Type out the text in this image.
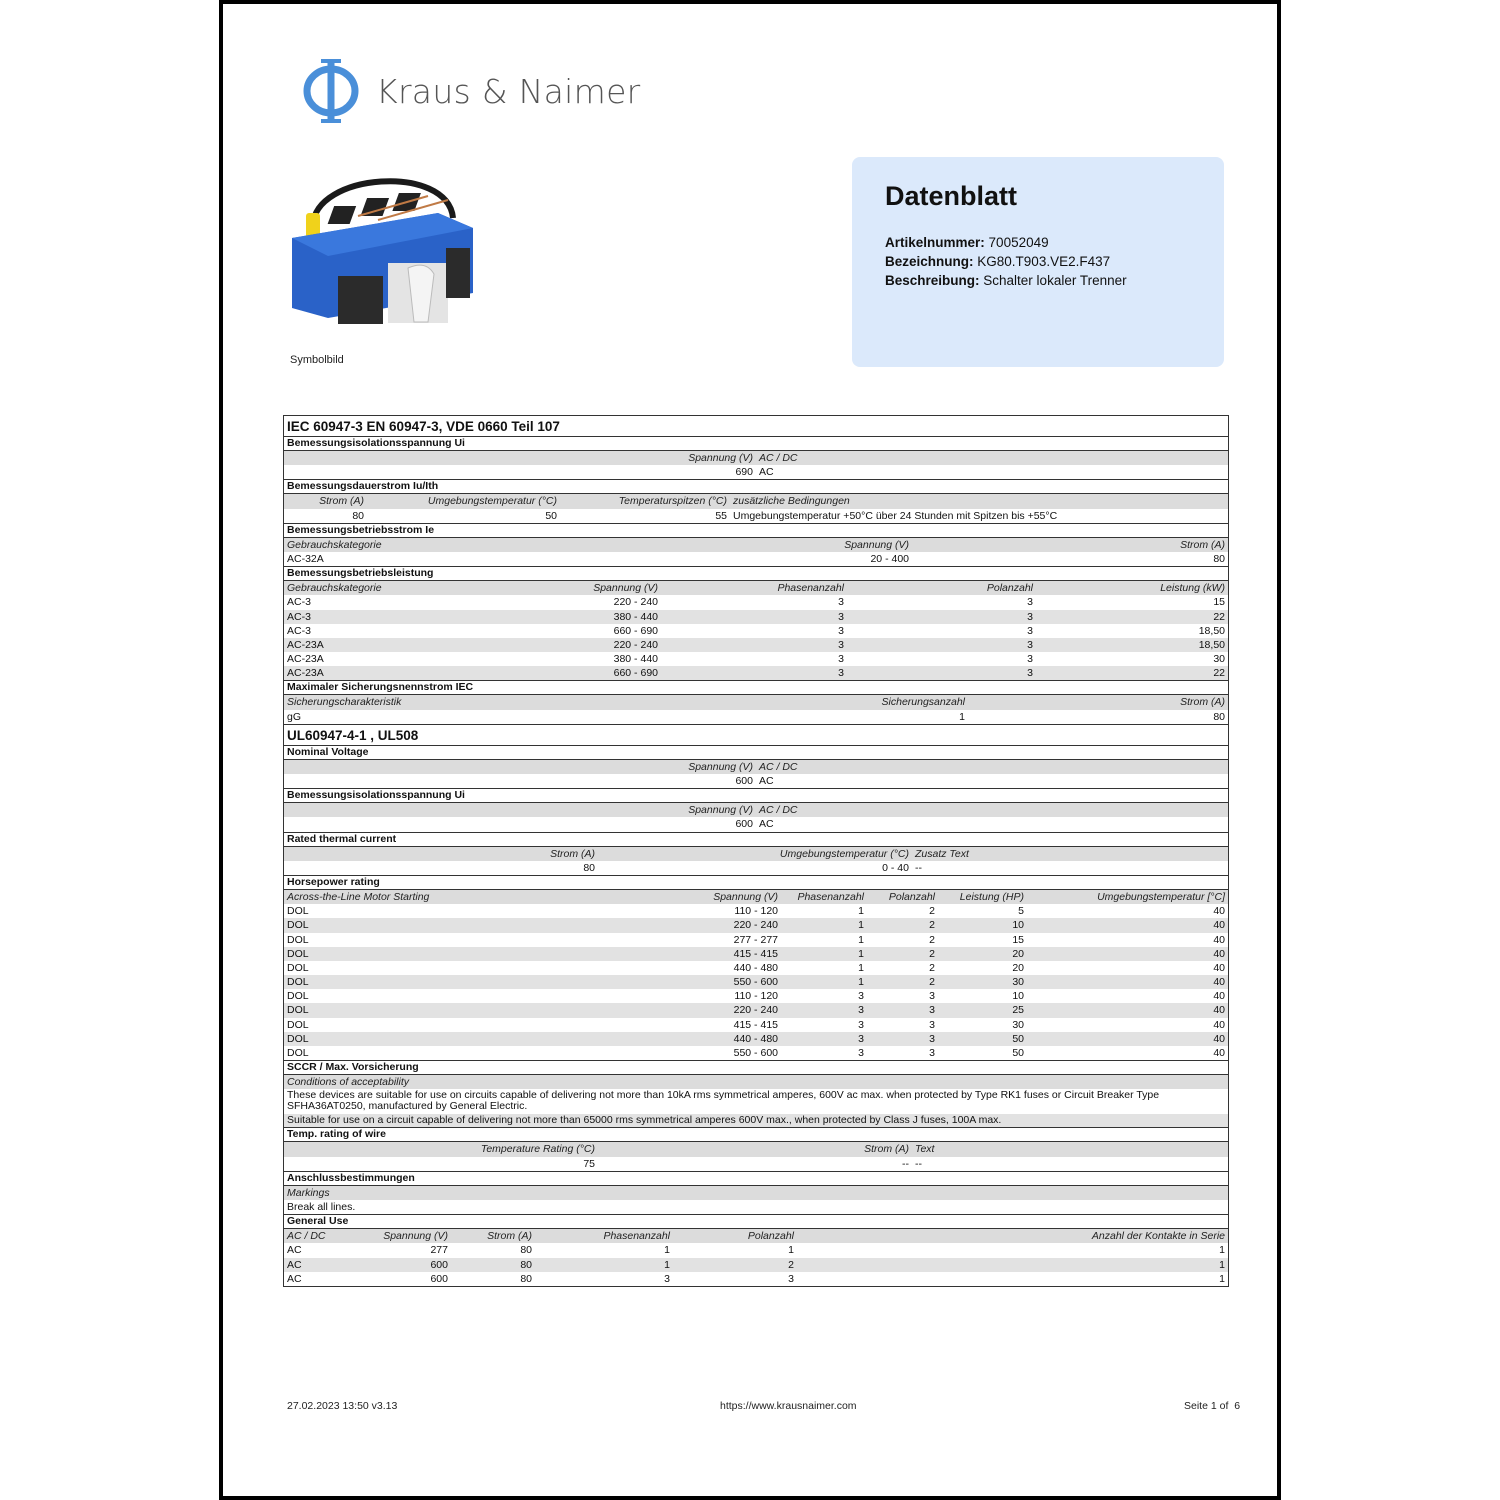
Kraus & Naimer
Symbolbild
Datenblatt
Artikelnummer: 70052049
Bezeichnung: KG80.T903.VE2.F437
Beschreibung: Schalter lokaler Trenner
IEC 60947-3 EN 60947-3, VDE 0660 Teil 107
Bemessungsisolationsspannung Ui
Spannung (V) AC / DC
690 AC
Bemessungsdauerstrom Iu/Ith
Strom (A)	Umgebungstemperatur (°C)	Temperaturspitzen (°C) zusätzliche Bedingungen
80	50	55 Umgebungstemperatur +50°C über 24 Stunden mit Spitzen bis +55°C
Bemessungsbetriebsstrom Ie
Gebrauchskategorie	Spannung (V)	Strom (A)
AC-32A	20 - 400	80
Bemessungsbetriebsleistung
Gebrauchskategorie	Spannung (V)	Phasenanzahl	Polanzahl	Leistung (kW)
AC-3	220 - 240	3	3	15
AC-3	380 - 440	3	3	22
AC-3	660 - 690	3	3	18,50
AC-23A	220 - 240	3	3	18,50
AC-23A	380 - 440	3	3	30
AC-23A	660 - 690	3	3	22
Maximaler Sicherungsnennstrom IEC
Sicherungscharakteristik	Sicherungsanzahl	Strom (A)
gG	1	80
UL60947-4-1 , UL508
Nominal Voltage
Spannung (V) AC / DC
600 AC
Bemessungsisolationsspannung Ui
Spannung (V) AC / DC
600 AC
Rated thermal current
Strom (A)	Umgebungstemperatur (°C) Zusatz Text
80	0 - 40 --
Horsepower rating
Across-the-Line Motor Starting	Spannung (V)	Phasenanzahl	Polanzahl	Leistung (HP)	Umgebungstemperatur [°C]
DOL	110 - 120	1	2	5	40
DOL	220 - 240	1	2	10	40
DOL	277 - 277	1	2	15	40
DOL	415 - 415	1	2	20	40
DOL	440 - 480	1	2	20	40
DOL	550 - 600	1	2	30	40
DOL	110 - 120	3	3	10	40
DOL	220 - 240	3	3	25	40
DOL	415 - 415	3	3	30	40
DOL	440 - 480	3	3	50	40
DOL	550 - 600	3	3	50	40
SCCR / Max. Vorsicherung
Conditions of acceptability
These devices are suitable for use on circuits capable of delivering not more than 10kA rms symmetrical amperes, 600V ac max. when protected by Type RK1 fuses or Circuit Breaker Type SFHA36AT0250, manufactured by General Electric.
Suitable for use on a circuit capable of delivering not more than 65000 rms symmetrical amperes 600V max., when protected by Class J fuses, 100A max.
Temp. rating of wire
Temperature Rating (°C)	Strom (A) Text
75	-- --
Anschlussbestimmungen
Markings
Break all lines.
General Use
AC / DC	Spannung (V)	Strom (A)	Phasenanzahl	Polanzahl	Anzahl der Kontakte in Serie
AC	277	80	1	1	1
AC	600	80	1	2	1
AC	600	80	3	3	1
27.02.2023 13:50 v3.13	https://www.krausnaimer.com	Seite 1 of  6
